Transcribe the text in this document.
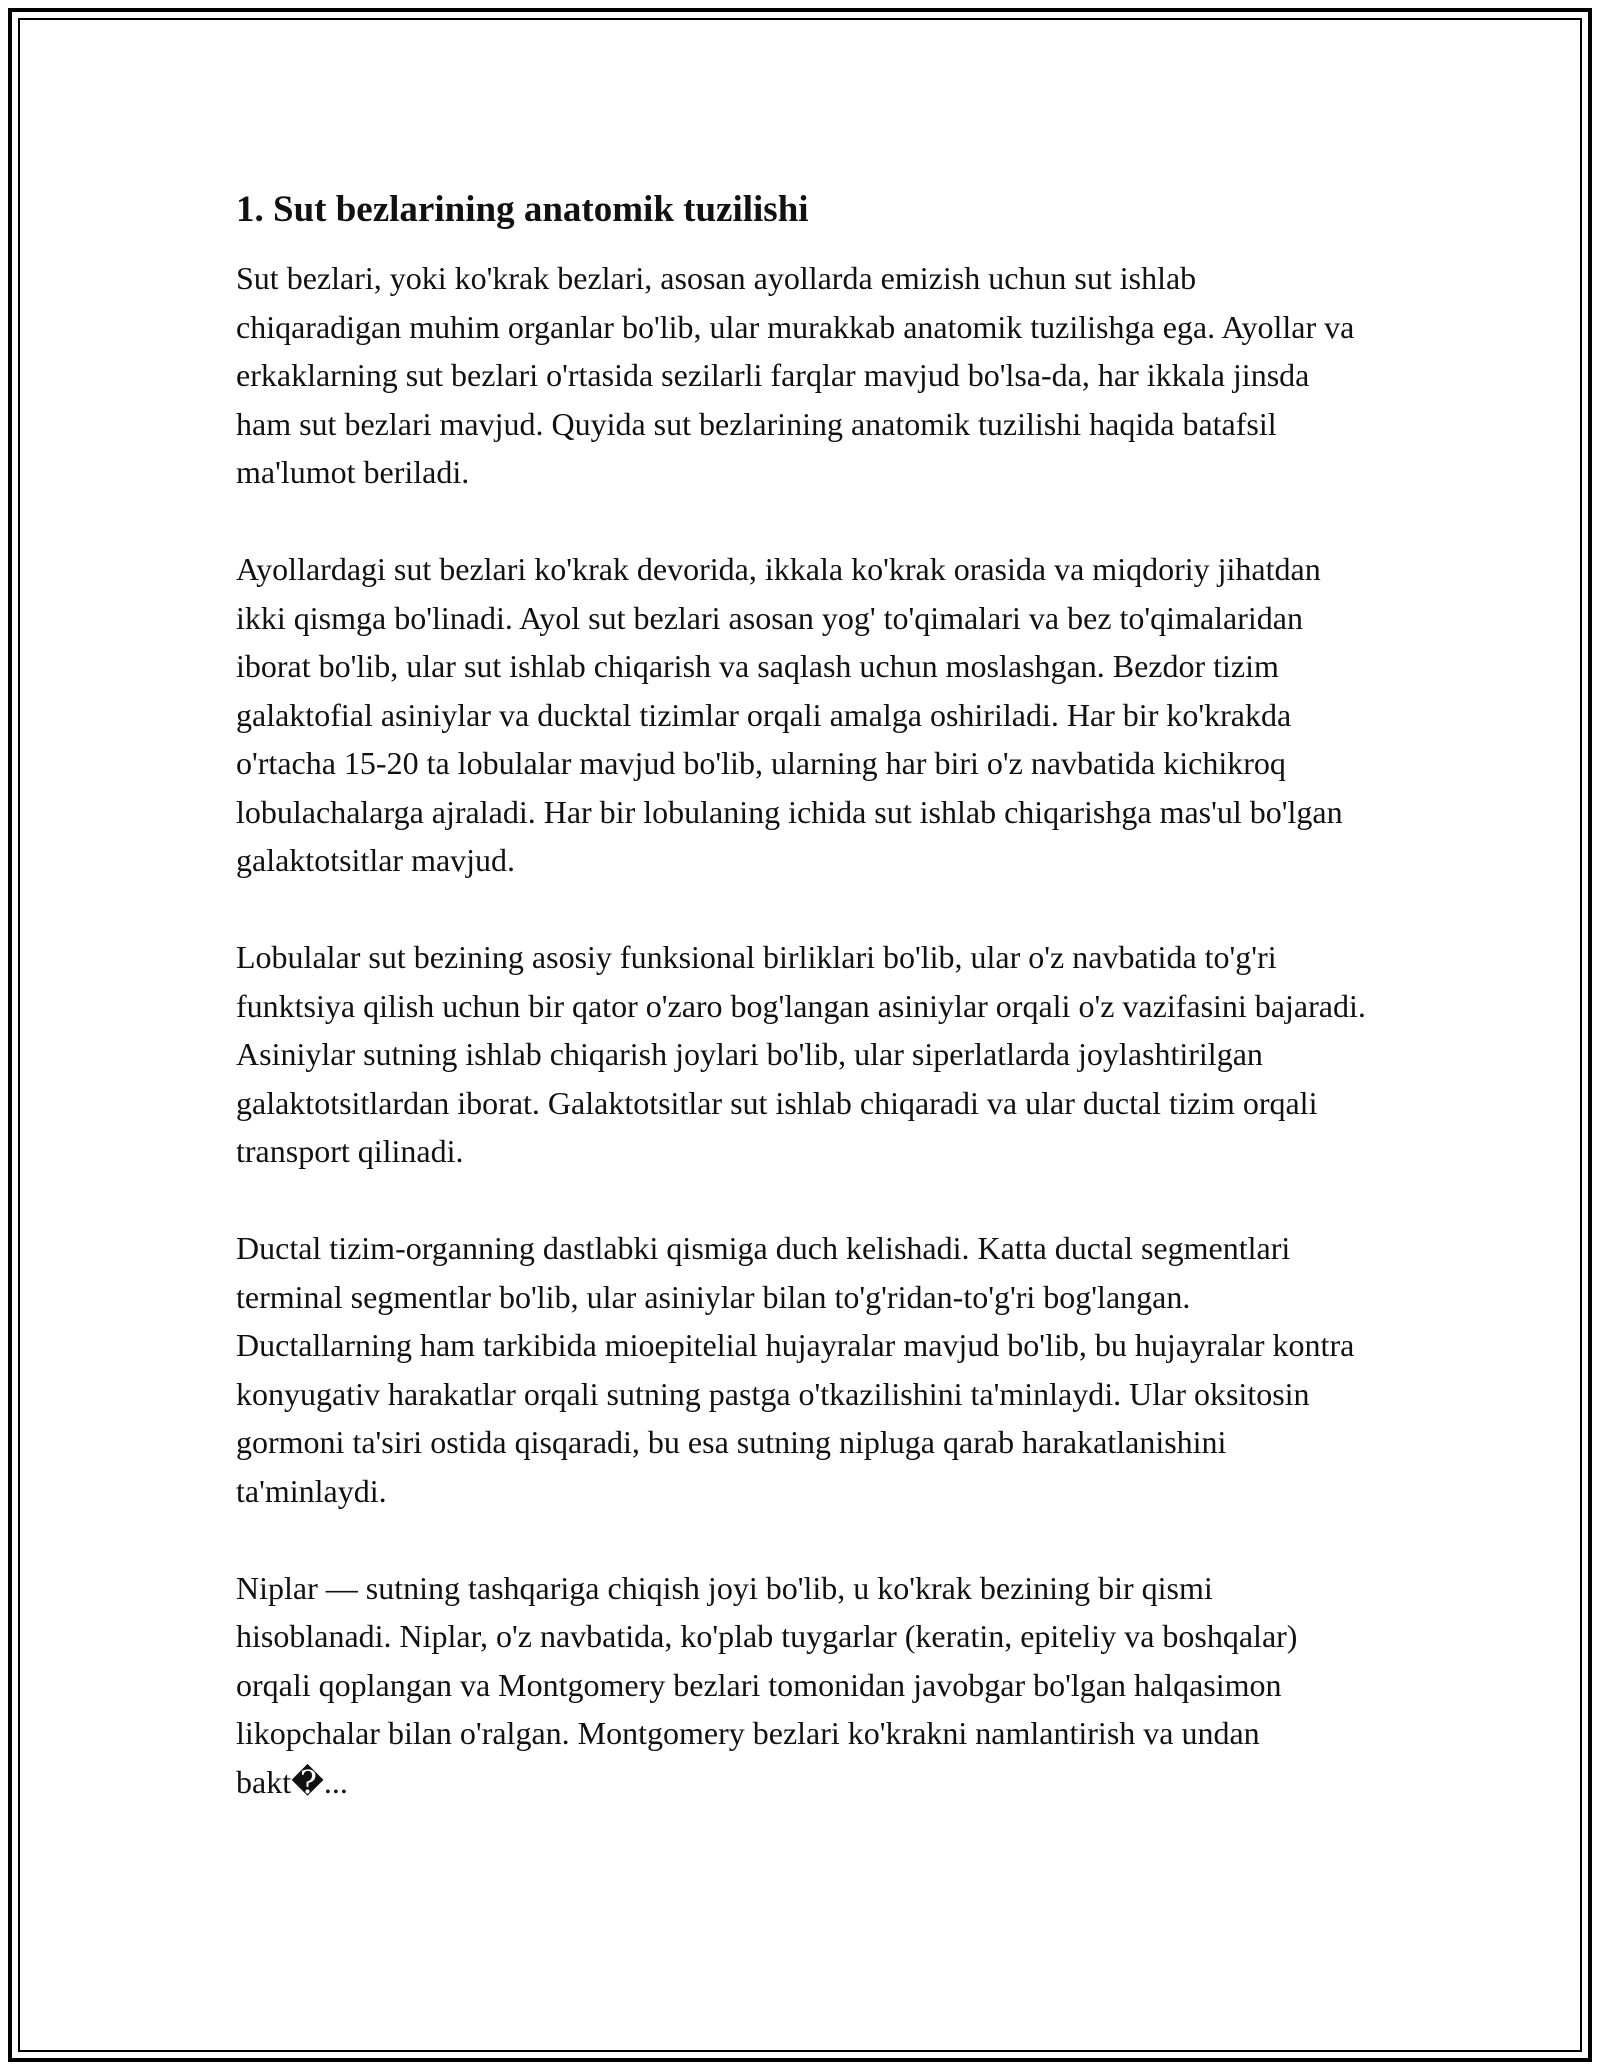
1. Sut bezlarining anatomik tuzilishi

Sut bezlari, yoki ko'krak bezlari, asosan ayollarda emizish uchun sut ishlab chiqaradigan muhim organlar bo'lib, ular murakkab anatomik tuzilishga ega. Ayollar va erkaklarning sut bezlari o'rtasida sezilarli farqlar mavjud bo'lsa-da, har ikkala jinsda ham sut bezlari mavjud. Quyida sut bezlarining anatomik tuzilishi haqida batafsil ma'lumot beriladi.

Ayollardagi sut bezlari ko'krak devorida, ikkala ko'krak orasida va miqdoriy jihatdan ikki qismga bo'linadi. Ayol sut bezlari asosan yog' to'qimalari va bez to'qimalaridan iborat bo'lib, ular sut ishlab chiqarish va saqlash uchun moslashgan. Bezdor tizim galaktofial asiniylar va ducktal tizimlar orqali amalga oshiriladi. Har bir ko'krakda o'rtacha 15-20 ta lobulalar mavjud bo'lib, ularning har biri o'z navbatida kichikroq lobulachalarga ajraladi. Har bir lobulaning ichida sut ishlab chiqarishga mas'ul bo'lgan galaktotsitlar mavjud.

Lobulalar sut bezining asosiy funksional birliklari bo'lib, ular o'z navbatida to'g'ri funktsiya qilish uchun bir qator o'zaro bog'langan asiniylar orqali o'z vazifasini bajaradi. Asiniylar sutning ishlab chiqarish joylari bo'lib, ular siperlatlarda joylashtirilgan galaktotsitlardan iborat. Galaktotsitlar sut ishlab chiqaradi va ular ductal tizim orqali transport qilinadi.

Ductal tizim-organning dastlabki qismiga duch kelishadi. Katta ductal segmentlari terminal segmentlar bo'lib, ular asiniylar bilan to'g'ridan-to'g'ri bog'langan. Ductallarning ham tarkibida mioepitelial hujayralar mavjud bo'lib, bu hujayralar kontra konyugativ harakatlar orqali sutning pastga o'tkazilishini ta'minlaydi. Ular oksitosin gormoni ta'siri ostida qisqaradi, bu esa sutning nipluga qarab harakatlanishini ta'minlaydi.

Niplar — sutning tashqariga chiqish joyi bo'lib, u ko'krak bezining bir qismi hisoblanadi. Niplar, o'z navbatida, ko'plab tuygarlar (keratin, epiteliy va boshqalar) orqali qoplangan va Montgomery bezlari tomonidan javobgar bo'lgan halqasimon likopchalar bilan o'ralgan. Montgomery bezlari ko'krakni namlantirish va undan bakt�...
